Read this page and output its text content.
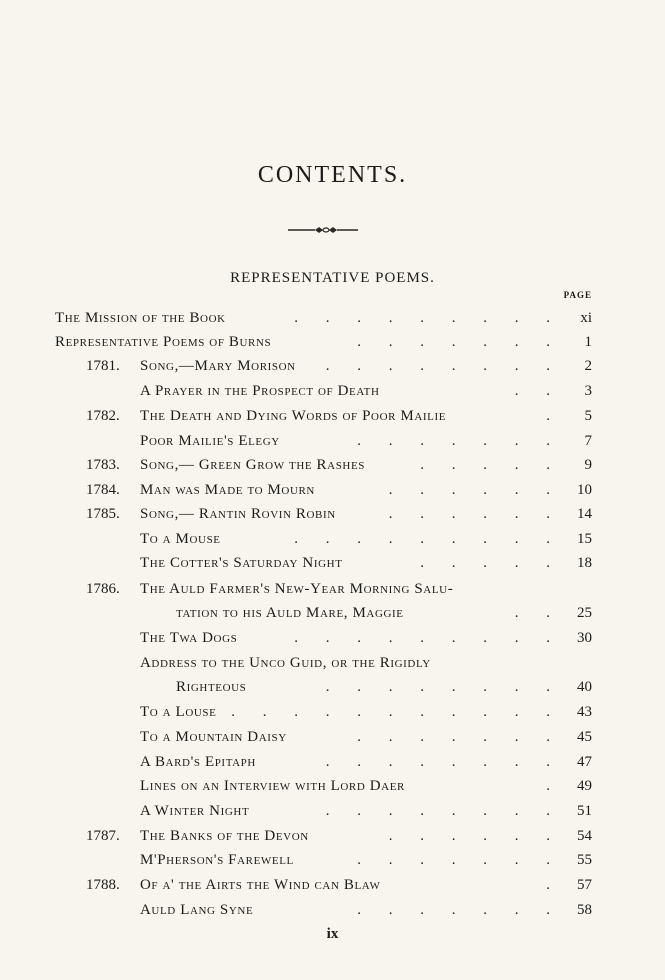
CONTENTS.
REPRESENTATIVE POEMS.
PAGE
The Mission of the Book	. . . . . . . . .	xi
Representative Poems of Burns	. . . . . . .	1
1781.	Song,—Mary Morison	. . . . . . . .	2
A Prayer in the Prospect of Death	. .	3
1782.	The Death and Dying Words of Poor Mailie	.	5
Poor Mailie's Elegy	. . . . . . .	7
1783.	Song,— Green Grow the Rashes	. . . . .	9
1784.	Man was Made to Mourn	. . . . . .	10
1785.	Song,— Rantin Rovin Robin	. . . . . .	14
To a Mouse	. . . . . . . . .	15
The Cotter's Saturday Night	. . . . .	18
1786.	The Auld Farmer's New-Year Morning Salu-
tation to his Auld Mare, Maggie	. .	25
The Twa Dogs	. . . . . . . . .	30
Address to the Unco Guid, or the Rigidly
Righteous	. . . . . . . .	40
To a Louse . . . . . . . . . . .	43
To a Mountain Daisy	. . . . . . .	45
A Bard's Epitaph	. . . . . . . .	47
Lines on an Interview with Lord Daer	.	49
A Winter Night	. . . . . . . .	51
1787.	The Banks of the Devon	. . . . . .	54
M'Pherson's Farewell	. . . . . . .	55
1788.	Of a' the Airts the Wind can Blaw	.	57
Auld Lang Syne	. . . . . . .	58
ix
